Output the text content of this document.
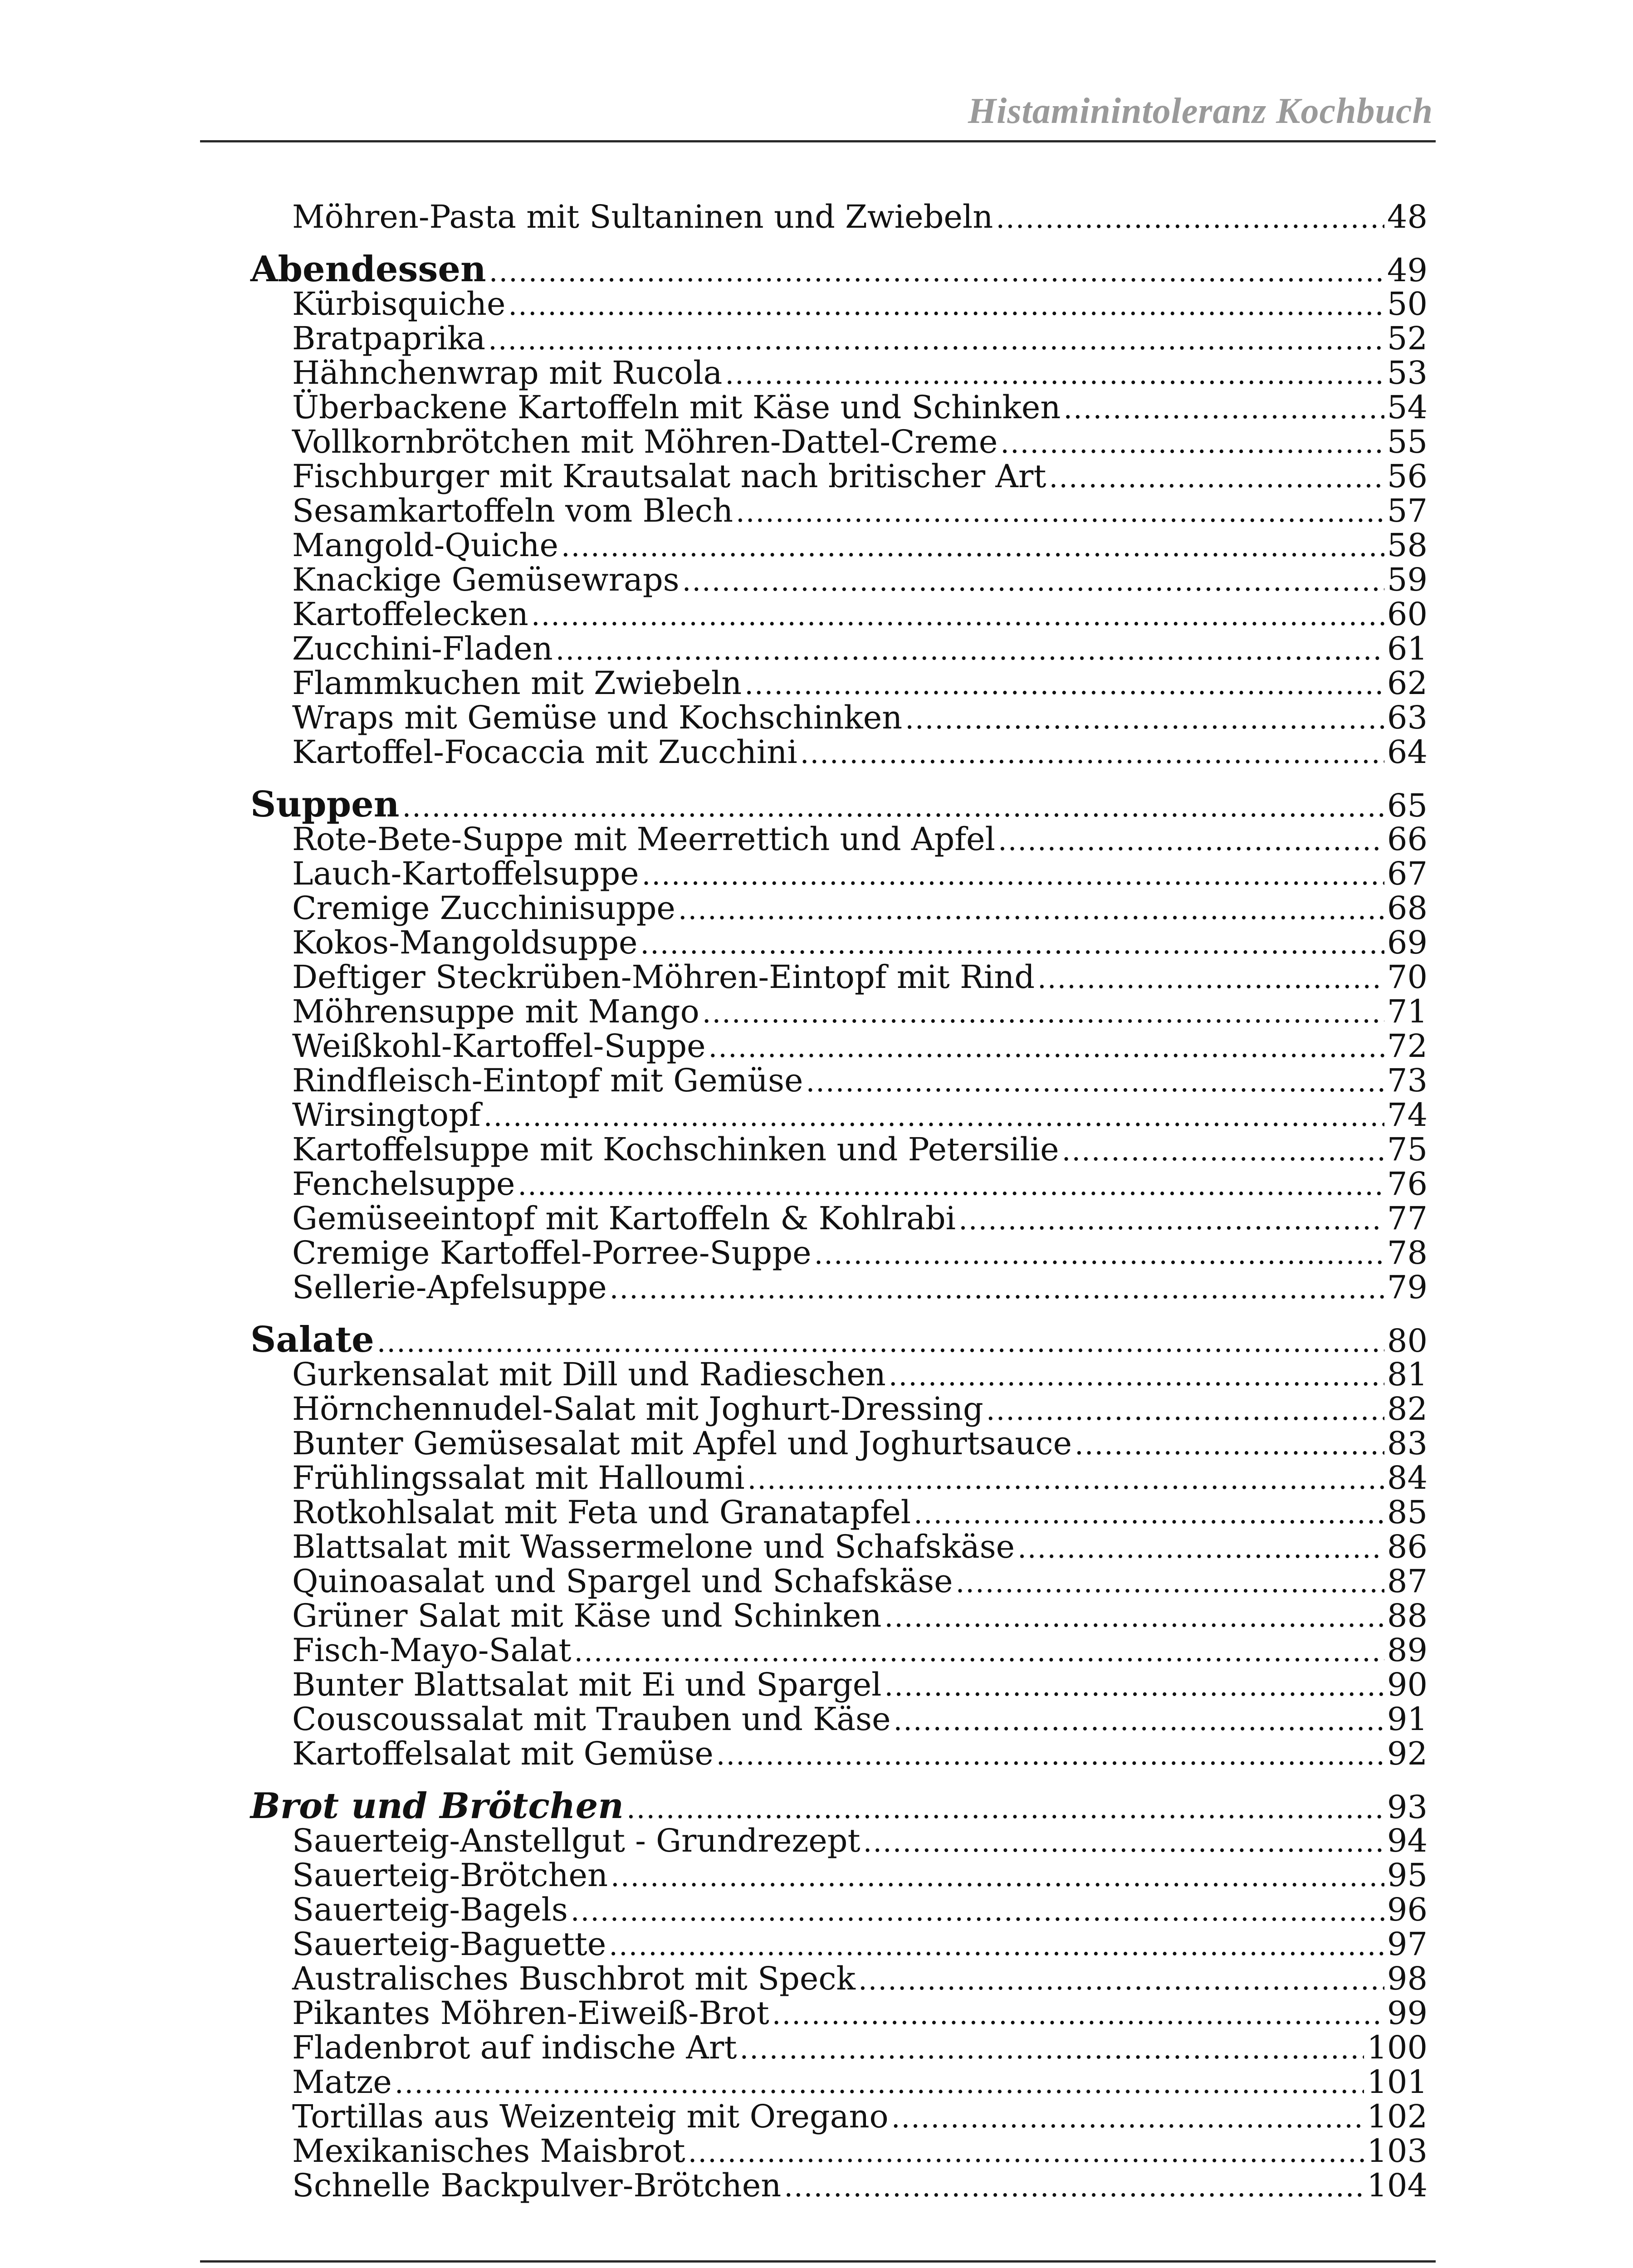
Histaminintoleranz Kochbuch
Möhren-Pasta mit Sultaninen und Zwiebeln .....	48
Abendessen .....	49
Kürbisquiche .....	50
Bratpaprika .....	52
Hähnchenwrap mit Rucola .....	53
Überbackene Kartoffeln mit Käse und Schinken .....	54
Vollkornbrötchen mit Möhren-Dattel-Creme .....	55
Fischburger mit Krautsalat nach britischer Art .....	56
Sesamkartoffeln vom Blech .....	57
Mangold-Quiche .....	58
Knackige Gemüsewraps .....	59
Kartoffelecken .....	60
Zucchini-Fladen .....	61
Flammkuchen mit Zwiebeln .....	62
Wraps mit Gemüse und Kochschinken .....	63
Kartoffel-Focaccia mit Zucchini .....	64
Suppen .....	65
Rote-Bete-Suppe mit Meerrettich und Apfel .....	66
Lauch-Kartoffelsuppe .....	67
Cremige Zucchinisuppe .....	68
Kokos-Mangoldsuppe .....	69
Deftiger Steckrüben-Möhren-Eintopf mit Rind .....	70
Möhrensuppe mit Mango .....	71
Weißkohl-Kartoffel-Suppe .....	72
Rindfleisch-Eintopf mit Gemüse .....	73
Wirsingtopf .....	74
Kartoffelsuppe mit Kochschinken und Petersilie .....	75
Fenchelsuppe .....	76
Gemüseeintopf mit Kartoffeln & Kohlrabi .....	77
Cremige Kartoffel-Porree-Suppe .....	78
Sellerie-Apfelsuppe .....	79
Salate .....	80
Gurkensalat mit Dill und Radieschen .....	81
Hörnchennudel-Salat mit Joghurt-Dressing .....	82
Bunter Gemüsesalat mit Apfel und Joghurtsauce .....	83
Frühlingssalat mit Halloumi .....	84
Rotkohlsalat mit Feta und Granatapfel .....	85
Blattsalat mit Wassermelone und Schafskäse .....	86
Quinoasalat und Spargel und Schafskäse .....	87
Grüner Salat mit Käse und Schinken .....	88
Fisch-Mayo-Salat .....	89
Bunter Blattsalat mit Ei und Spargel .....	90
Couscoussalat mit Trauben und Käse .....	91
Kartoffelsalat mit Gemüse .....	92
Brot und Brötchen .....	93
Sauerteig-Anstellgut - Grundrezept .....	94
Sauerteig-Brötchen .....	95
Sauerteig-Bagels .....	96
Sauerteig-Baguette .....	97
Australisches Buschbrot mit Speck .....	98
Pikantes Möhren-Eiweiß-Brot .....	99
Fladenbrot auf indische Art .....	100
Matze .....	101
Tortillas aus Weizenteig mit Oregano .....	102
Mexikanisches Maisbrot .....	103
Schnelle Backpulver-Brötchen .....	104
